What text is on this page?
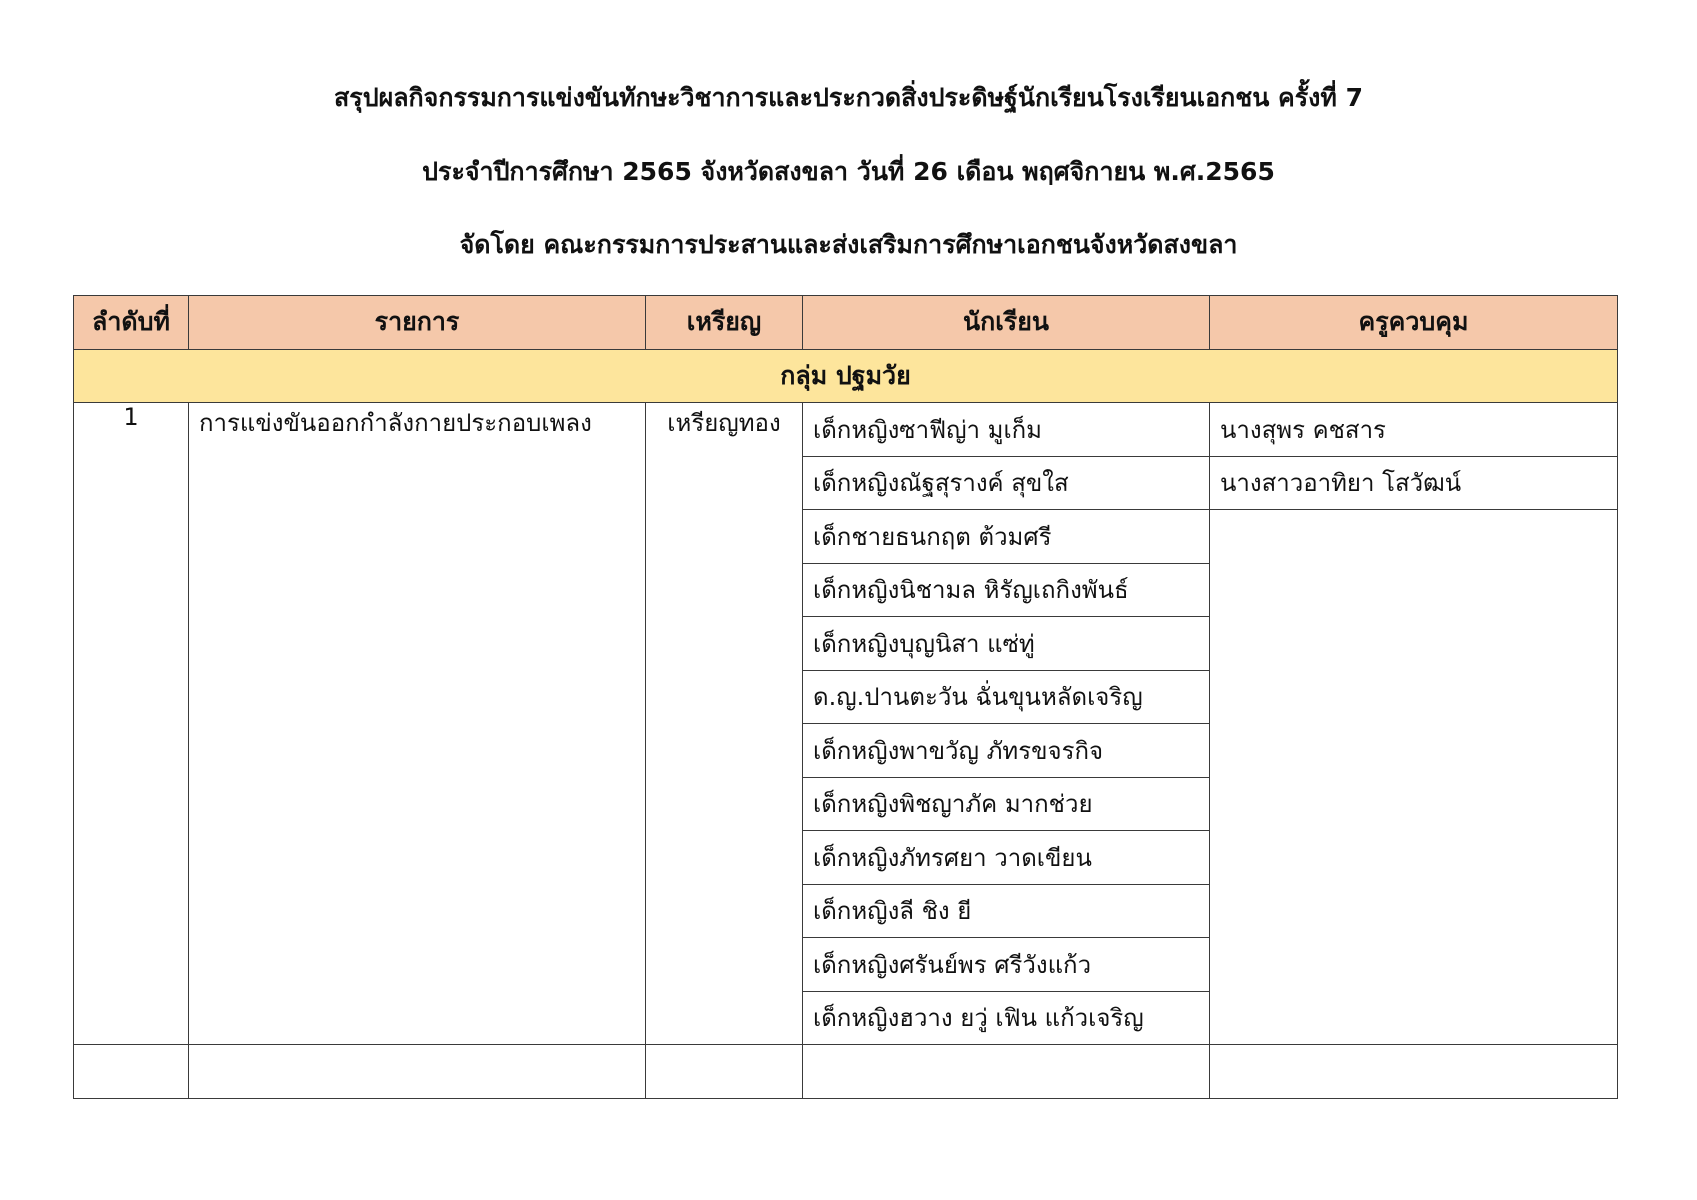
สรุปผลกิจกรรมการแข่งขันทักษะวิชาการและประกวดสิ่งประดิษฐ์นักเรียนโรงเรียนเอกชน ครั้งที่ 7
ประจำปีการศึกษา 2565 จังหวัดสงขลา วันที่ 26 เดือน พฤศจิกายน พ.ศ.2565
จัดโดย คณะกรรมการประสานและส่งเสริมการศึกษาเอกชนจังหวัดสงขลา
ลำดับที่	รายการ	เหรียญ	นักเรียน	ครูควบคุม
กลุ่ม ปฐมวัย				
1	การแข่งขันออกกำลังกายประกอบเพลง	เหรียญทอง	เด็กหญิงซาฟีญ่า มูเก็ม	นางสุพร คชสาร
			เด็กหญิงณัฐสุรางค์ สุขใส	นางสาวอาทิยา โสวัฒน์
			เด็กชายธนกฤต ต้วมศรี	
			เด็กหญิงนิชามล หิรัญเถกิงพันธ์	
			เด็กหญิงบุญนิสา แซ่ทู่	
			ด.ญ.ปานตะวัน ฉั่นขุนหลัดเจริญ	
			เด็กหญิงพาขวัญ ภัทรขจรกิจ	
			เด็กหญิงพิชญาภัค มากช่วย	
			เด็กหญิงภัทรศยา วาดเขียน	
			เด็กหญิงลี ชิง ยี	
			เด็กหญิงศรันย์พร ศรีวังแก้ว	
			เด็กหญิงฮวาง ยวู่ เฟิน แก้วเจริญ	
